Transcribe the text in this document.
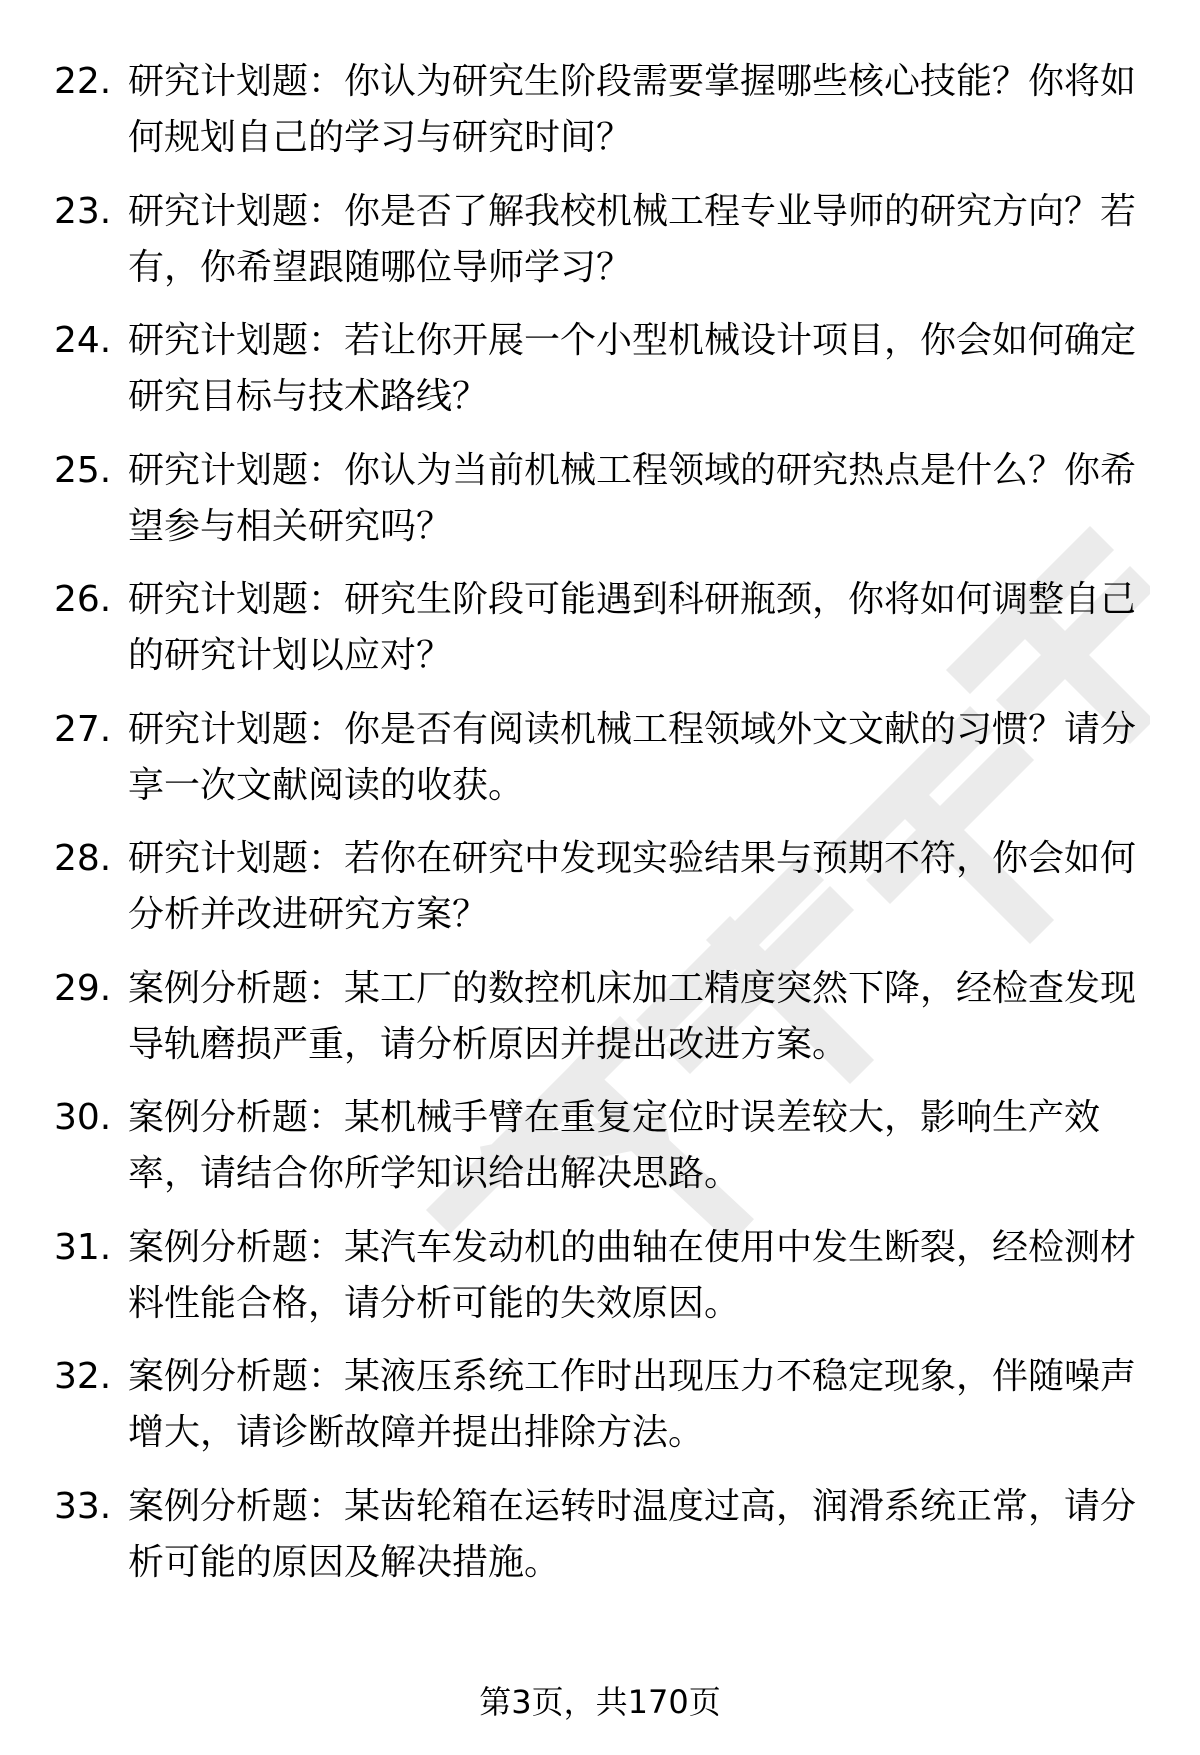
22. 研究计划题：你认为研究生阶段需要掌握哪些核心技能？你将如何规划自己的学习与研究时间？
23. 研究计划题：你是否了解我校机械工程专业导师的研究方向？若有，你希望跟随哪位导师学习？
24. 研究计划题：若让你开展一个小型机械设计项目，你会如何确定研究目标与技术路线？
25. 研究计划题：你认为当前机械工程领域的研究热点是什么？你希望参与相关研究吗？
26. 研究计划题：研究生阶段可能遇到科研瓶颈，你将如何调整自己的研究计划以应对？
27. 研究计划题：你是否有阅读机械工程领域外文文献的习惯？请分享一次文献阅读的收获。
28. 研究计划题：若你在研究中发现实验结果与预期不符，你会如何分析并改进研究方案？
29. 案例分析题：某工厂的数控机床加工精度突然下降，经检查发现导轨磨损严重，请分析原因并提出改进方案。
30. 案例分析题：某机械手臂在重复定位时误差较大，影响生产效率，请结合你所学知识给出解决思路。
31. 案例分析题：某汽车发动机的曲轴在使用中发生断裂，经检测材料性能合格，请分析可能的失效原因。
32. 案例分析题：某液压系统工作时出现压力不稳定现象，伴随噪声增大，请诊断故障并提出排除方法。
33. 案例分析题：某齿轮箱在运转时温度过高，润滑系统正常，请分析可能的原因及解决措施。
第3页，共170页
